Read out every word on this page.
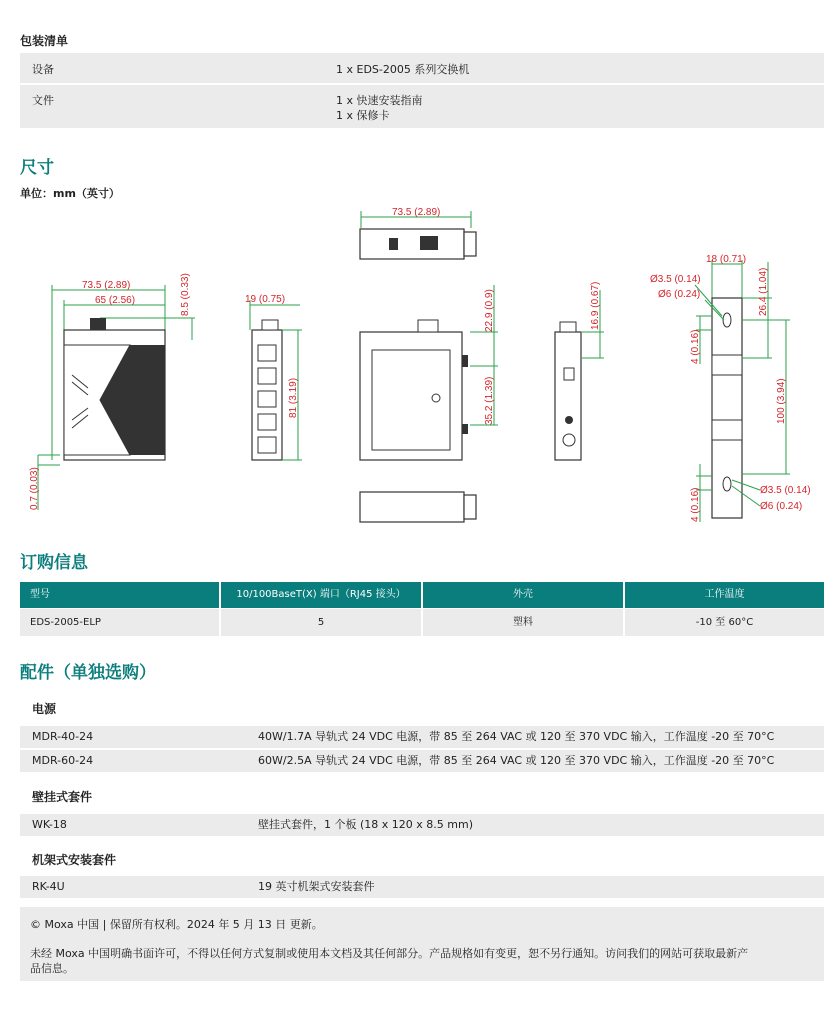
包装清单
设备	1 x EDS-2005 系列交换机
文件	1 x 快速安装指南
1 x 保修卡
尺寸
单位：mm（英寸）
73.5 (2.89)
73.5 (2.89)
65 (2.56)	8.5 (0.33)
0.7 (0.03)
19 (0.75)
81 (3.19)
22.9 (0.9)
35.2 (1.39)
16.9 (0.67)
18 (0.71)
Ø3.5 (0.14)
Ø6 (0.24)	26.4 (1.04)
4 (0.16)
100 (3.94)
Ø3.5 (0.14)
Ø6 (0.24)
4 (0.16)
订购信息
型号	10/100BaseT(X) 端口（RJ45 接头）	外壳	工作温度
EDS-2005-ELP	5	塑料	-10 至 60°C
配件（单独选购）
电源
MDR-40-24	40W/1.7A 导轨式 24 VDC 电源，带 85 至 264 VAC 或 120 至 370 VDC 输入，工作温度 -20 至 70°C
MDR-60-24	60W/2.5A 导轨式 24 VDC 电源，带 85 至 264 VAC 或 120 至 370 VDC 输入，工作温度 -20 至 70°C
壁挂式套件
WK-18	壁挂式套件，1 个板 (18 x 120 x 8.5 mm)
机架式安装套件
RK-4U	19 英寸机架式安装套件
© Moxa 中国 | 保留所有权利。2024 年 5 月 13 日 更新。
未经 Moxa 中国明确书面许可，不得以任何方式复制或使用本文档及其任何部分。产品规格如有变更，恕不另行通知。访问我们的网站可获取最新产
品信息。
